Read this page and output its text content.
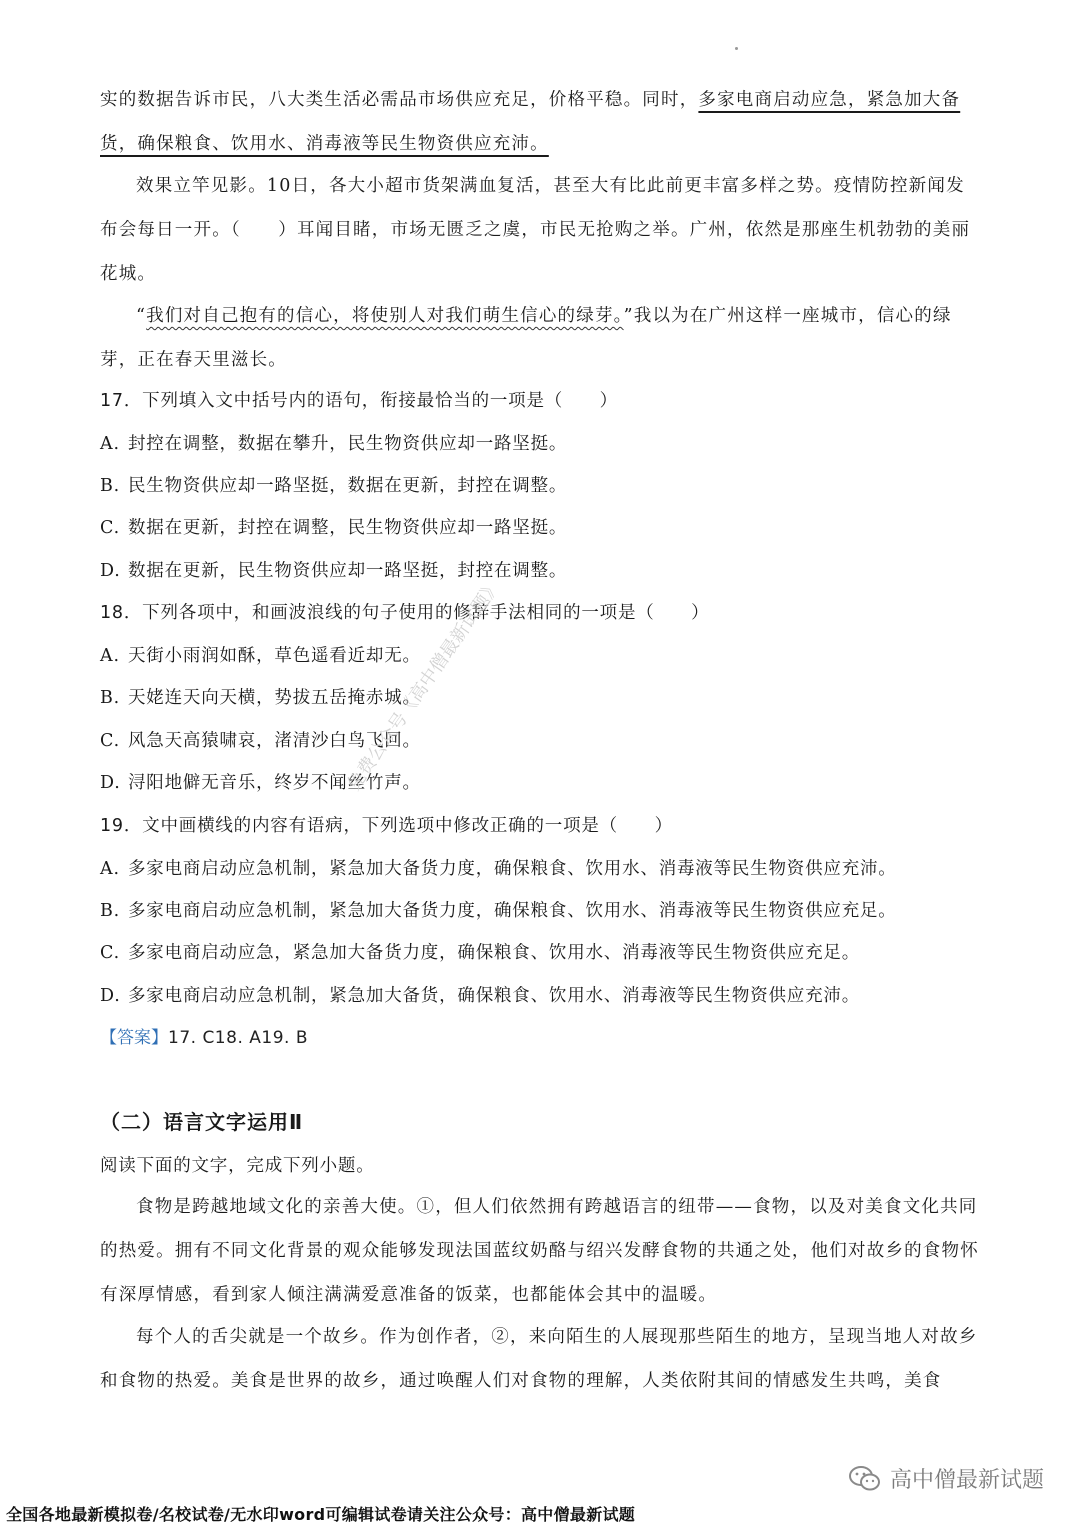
实的数据告诉市民，八大类生活必需品市场供应充足，价格平稳。同时，多家电商启动应急，紧急加大备货，确保粮食、饮用水、消毒液等民生物资供应充沛。
效果立竿见影。10日，各大小超市货架满血复活，甚至大有比此前更丰富多样之势。疫情防控新闻发布会每日一开。（　　）耳闻目睹，市场无匮乏之虞，市民无抢购之举。广州，依然是那座生机勃勃的美丽花城。
“我们对自己抱有的信心，将使别人对我们萌生信心的绿芽。”我以为在广州这样一座城市，信心的绿芽，正在春天里滋长。
17．下列填入文中括号内的语句，衔接最恰当的一项是（　　）
A. 封控在调整，数据在攀升，民生物资供应却一路坚挺。
B. 民生物资供应却一路坚挺，数据在更新，封控在调整。
C. 数据在更新，封控在调整，民生物资供应却一路坚挺。
D. 数据在更新，民生物资供应却一路坚挺，封控在调整。
18．下列各项中，和画波浪线的句子使用的修辞手法相同的一项是（　　）
A. 天街小雨润如酥，草色遥看近却无。
B. 天姥连天向天横，势拔五岳掩赤城。
C. 风急天高猿啸哀，渚清沙白鸟飞回。
D. 浔阳地僻无音乐，终岁不闻丝竹声。
19．文中画横线的内容有语病，下列选项中修改正确的一项是（　　）
A. 多家电商启动应急机制，紧急加大备货力度，确保粮食、饮用水、消毒液等民生物资供应充沛。
B. 多家电商启动应急机制，紧急加大备货力度，确保粮食、饮用水、消毒液等民生物资供应充足。
C. 多家电商启动应急，紧急加大备货力度，确保粮食、饮用水、消毒液等民生物资供应充足。
D. 多家电商启动应急机制，紧急加大备货，确保粮食、饮用水、消毒液等民生物资供应充沛。
【答案】17. C18. A19. B
（二）语言文字运用Ⅱ
阅读下面的文字，完成下列小题。
食物是跨越地域文化的亲善大使。①，但人们依然拥有跨越语言的纽带——食物，以及对美食文化共同的热爱。拥有不同文化背景的观众能够发现法国蓝纹奶酪与绍兴发酵食物的共通之处，他们对故乡的食物怀有深厚情感，看到家人倾注满满爱意准备的饭菜，也都能体会其中的温暖。
每个人的舌尖就是一个故乡。作为创作者，②，来向陌生的人展现那些陌生的地方，呈现当地人对故乡和食物的热爱。美食是世界的故乡，通过唤醒人们对食物的理解，人类依附其间的情感发生共鸣，美食
免费公众号《高中僧最新试题》
高中僧最新试题
全国各地最新模拟卷/名校试卷/无水印word可编辑试卷请关注公众号：高中僧最新试题
